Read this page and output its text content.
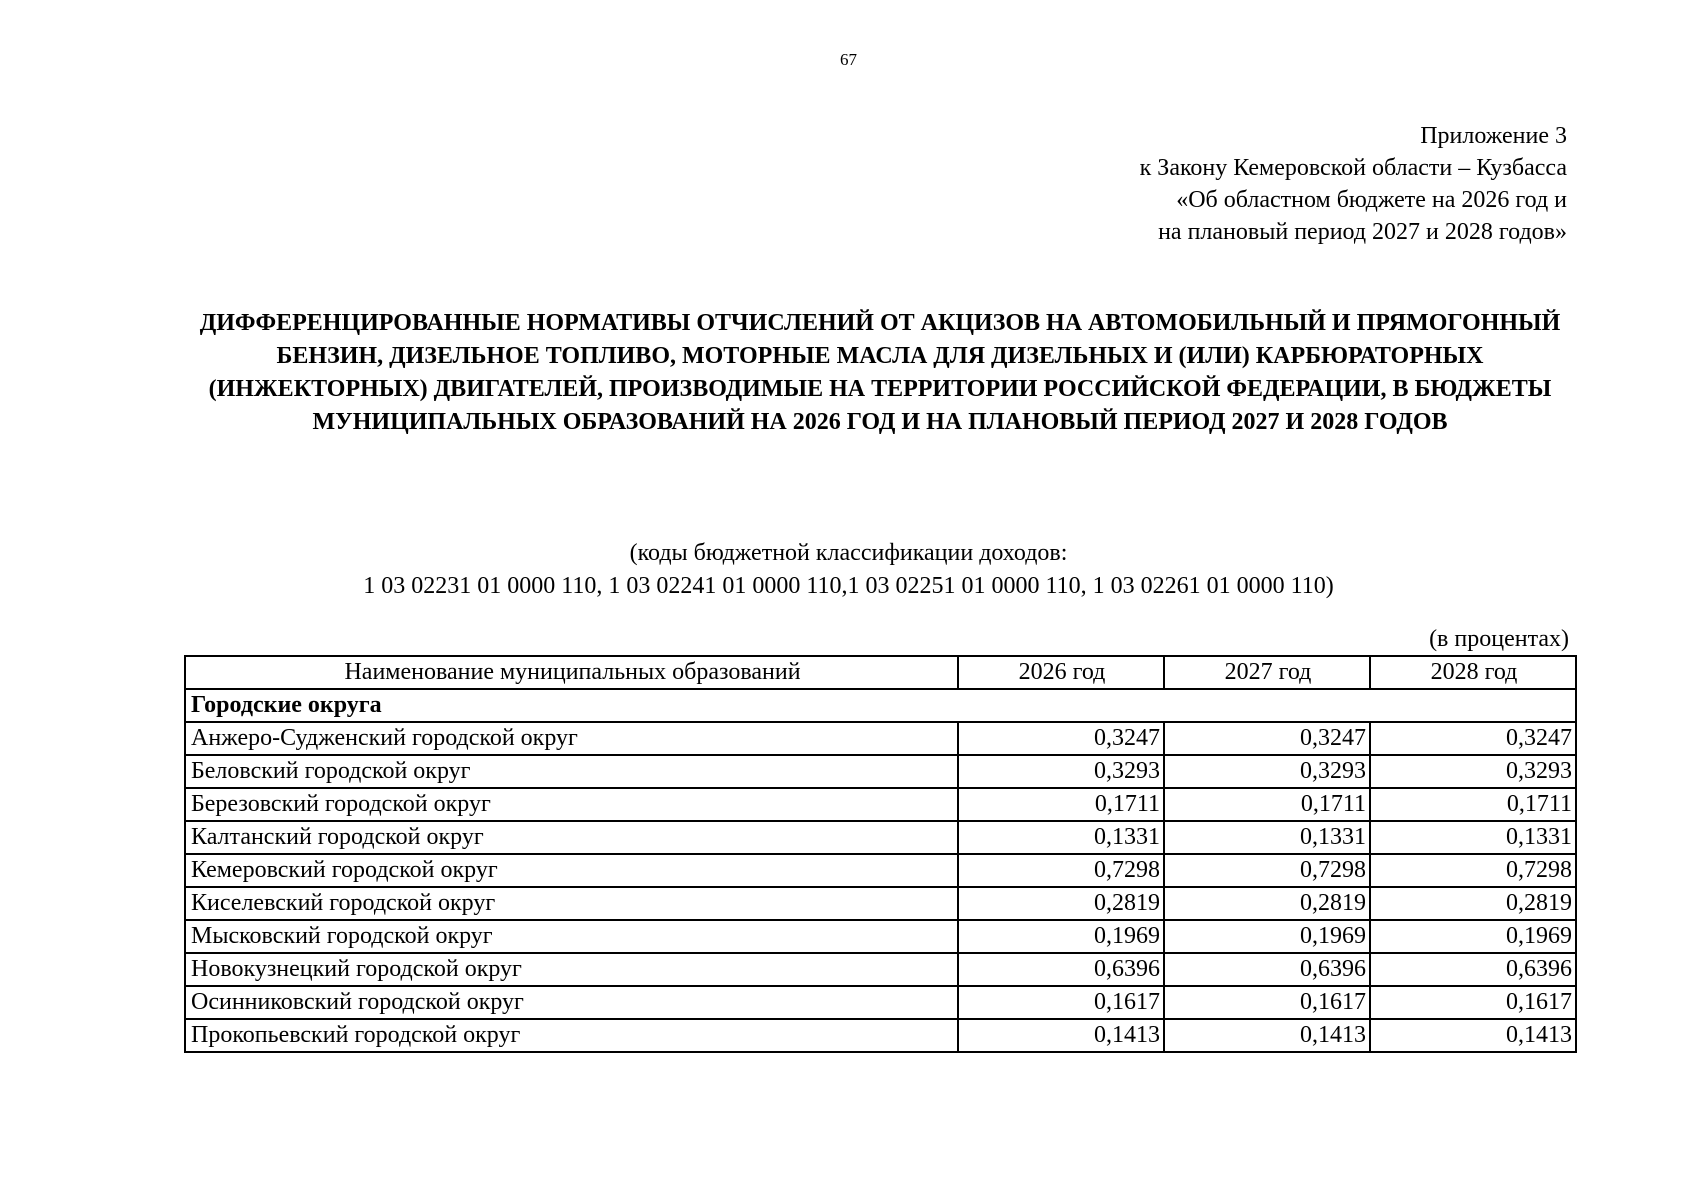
67
Приложение 3
к Закону Кемеровской области – Кузбасса
«Об областном бюджете на 2026 год и
на плановый период 2027 и 2028 годов»
ДИФФЕРЕНЦИРОВАННЫЕ НОРМАТИВЫ ОТЧИСЛЕНИЙ ОТ АКЦИЗОВ НА АВТОМОБИЛЬНЫЙ И ПРЯМОГОННЫЙ БЕНЗИН, ДИЗЕЛЬНОЕ ТОПЛИВО, МОТОРНЫЕ МАСЛА ДЛЯ ДИЗЕЛЬНЫХ И (ИЛИ) КАРБЮРАТОРНЫХ (ИНЖЕКТОРНЫХ) ДВИГАТЕЛЕЙ, ПРОИЗВОДИМЫЕ НА ТЕРРИТОРИИ РОССИЙСКОЙ ФЕДЕРАЦИИ, В БЮДЖЕТЫ МУНИЦИПАЛЬНЫХ ОБРАЗОВАНИЙ НА 2026 ГОД И НА ПЛАНОВЫЙ ПЕРИОД 2027 И 2028 ГОДОВ
(коды бюджетной классификации доходов:
1 03 02231 01 0000 110, 1 03 02241 01 0000 110,1 03 02251 01 0000 110, 1 03 02261 01 0000 110)
(в процентах)
Наименование муниципальных образований	2026 год	2027 год	2028 год
Городские округа			
Анжеро-Судженский городской округ	0,3247	0,3247	0,3247
Беловский городской округ	0,3293	0,3293	0,3293
Березовский городской округ	0,1711	0,1711	0,1711
Калтанский городской округ	0,1331	0,1331	0,1331
Кемеровский городской округ	0,7298	0,7298	0,7298
Киселевский городской округ	0,2819	0,2819	0,2819
Мысковский городской округ	0,1969	0,1969	0,1969
Новокузнецкий городской округ	0,6396	0,6396	0,6396
Осинниковский городской округ	0,1617	0,1617	0,1617
Прокопьевский городской округ	0,1413	0,1413	0,1413
